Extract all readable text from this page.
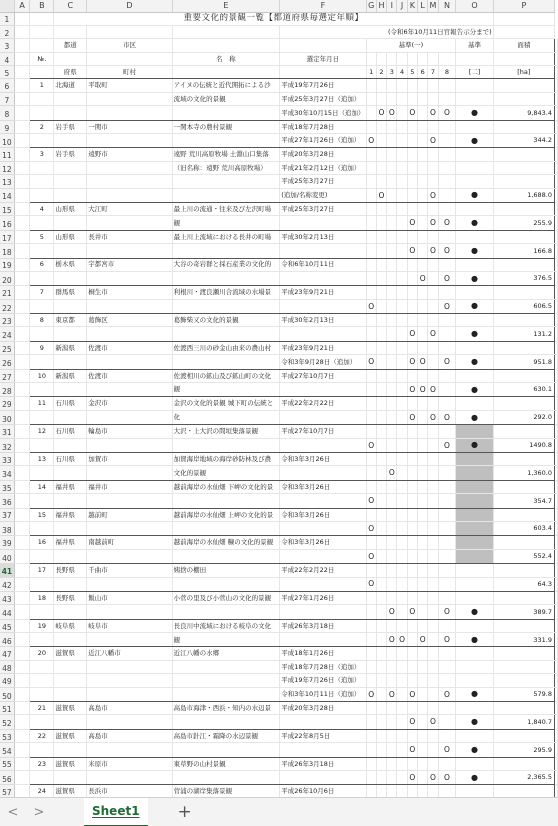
	A	B	C	D	E	F	G	H	I	J	K	L	M	N	O	P	
1			重要文化的景観一覧【都道府県毎選定年順】														
2						(令和6年10月11日官報告示分まで)											
3			都道	市区			基準(一)								基準	面積	
4		№.			名　称	選定年月日											
5			府県	町村			1	2	3	4	5	6	7	8	[二]	[ha]	
6		1	北海道	平取町	アイヌの伝統と近代開拓による沙	平成19年7月26日											
7					流域の文化的景観	平成25年3月27日（追加）											
8						平成30年10月15日（追加）		O	O		O		O	O	●	9,843.4	
9		2	岩手県	一関市	一関本寺の農村景観	平成18年7月28日											
10						平成27年1月26日（追加）	O						O		●	344.2	
11		3	岩手県	遠野市	遠野 荒川高原牧場 土淵山口集落	平成20年3月28日											
12					（旧名称：遠野 荒川高原牧場）	平成21年2月12日（追加）											
13						平成25年3月27日											
14						(追加/名称変更)		O					O		●	1,688.0	
15		4	山形県	大江町	最上川の流通・往来及び左沢町場	平成25年3月27日											
16					観						O		O	O	●	255.9	
17		5	山形県	長井市	最上川上流域における長井の町場	平成30年2月13日											
18											O		O	O	●	166.8	
19		6	栃木県	宇都宮市	大谷の奇岩群と採石産業の文化的	令和6年10月11日											
20												O		O	●	376.5	
21		7	群馬県	桐生市	利根川・渡良瀬川合流域の水場景	平成23年9月21日											
22							O							O	●	606.5	
23		8	東京都	葛飾区	葛飾柴又の文化的景観	平成30年2月13日											
24											O		O		●	131.2	
25		9	新潟県	佐渡市	佐渡西三川の砂金山由来の農山村	平成23年9月21日											
26						令和3年9月28日（追加）	O				O	O		O	●	951.8	
27		10	新潟県	佐渡市	佐渡相川の鉱山及び鉱山町の文化	平成27年10月7日											
28					観						O	O	O		●	630.1	
29		11	石川県	金沢市	金沢の文化的景観 城下町の伝統と	平成22年2月22日											
30					化						O		O	O	●	292.0	
31		12	石川県	輪島市	大沢・上大沢の間垣集落景観	平成27年10月7日											
32							O							O	●	1490.8	
33		13	石川県	加賀市	加賀海岸地域の海岸砂防林及び農	令和3年3月26日											
34					文化的景観				O							1,360.0	
35		14	福井県	福井市	越前海岸の水仙畑 下岬の文化的景	令和3年3月26日											
36							O									354.7	
37		15	福井県	越前町	越前海岸の水仙畑 上岬の文化的景	令和3年3月26日											
38							O									603.4	
39		16	福井県	南越前町	越前海岸の水仙畑 糠の文化的景観	令和3年3月26日											
40							O									552.4	
41		17	長野県	千曲市	姨捨の棚田	平成22年2月22日											
42							O									64.3	
43		18	長野県	飯山市	小菅の里及び小菅山の文化的景観	平成27年1月26日											
44									O		O			O	●	389.7	
45		19	岐阜県	岐阜市	長良川中流域における岐阜の文化	平成26年3月18日											
46					観				O	O		O		O	●	331.9	
47		20	滋賀県	近江八幡市	近江八幡の水郷	平成18年1月26日											
48						平成18年7月28日（追加）											
49						平成19年7月26日（追加）											
50						令和3年10月11日（追加）	O		O		O			O	●	579.8	
51		21	滋賀県	高島市	高島市海津・西浜・知内の水辺景	平成20年3月28日											
52											O		O		●	1,840.7	
53		22	滋賀県	高島市	高島市針江・霜降の水辺景観	平成22年8月5日											
54											O			O	●	295.9	
55		23	滋賀県	米原市	東草野の山村景観	平成26年3月18日											
56											O		O	O	●	2,365.5	
57		24	滋賀県	長浜市	菅浦の湖岸集落景観	平成26年10月6日											
< >	Sheet1 +
